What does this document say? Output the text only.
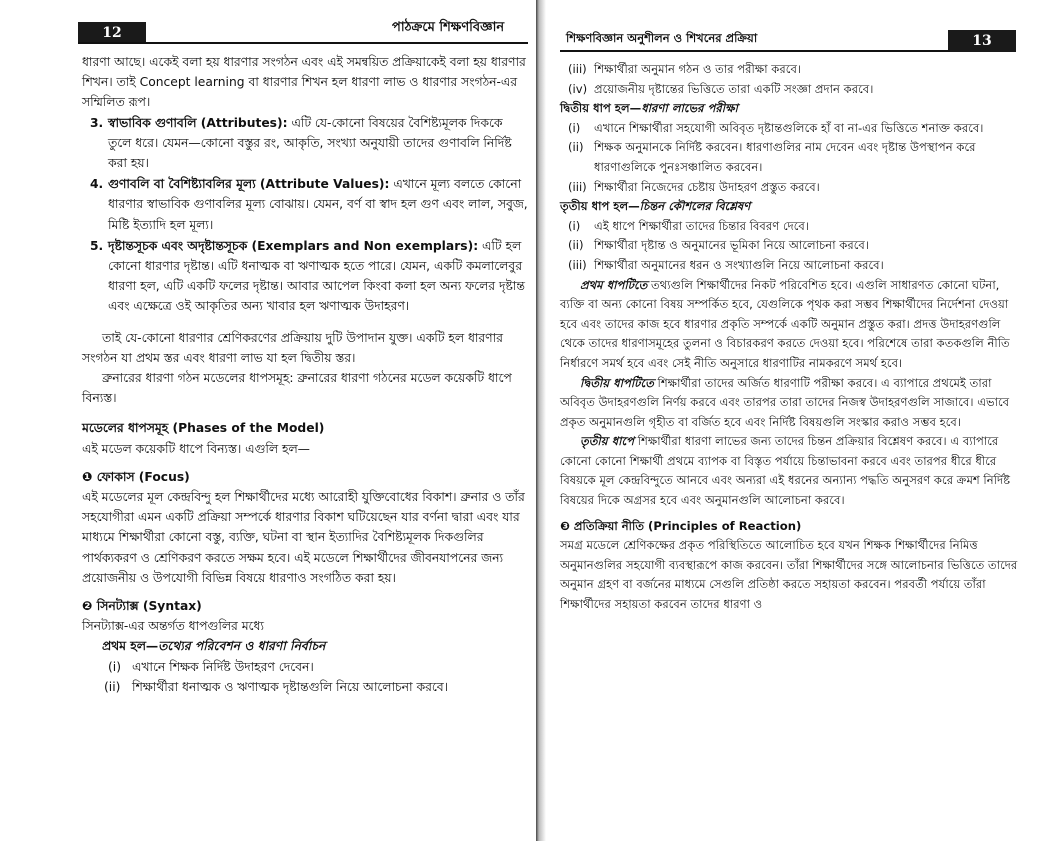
12	পাঠক্রমে শিক্ষণবিজ্ঞান

ধারণা আছে। একেই বলা হয় ধারণার সংগঠন এবং এই সমন্বয়িত প্রক্রিয়াকেই বলা হয় ধারণার শিখন। তাই Concept learning বা ধারণার শিখন হল ধারণা লাভ ও ধারণার সংগঠন-এর সম্মিলিত রূপ।

3. স্বাভাবিক গুণাবলি (Attributes): এটি যে-কোনো বিষয়ের বৈশিষ্ট্যমূলক দিককে তুলে ধরে। যেমন—কোনো বস্তুর রং, আকৃতি, সংখ্যা অনুযায়ী তাদের গুণাবলি নির্দিষ্ট করা হয়।
4. গুণাবলি বা বৈশিষ্ট্যাবলির মূল্য (Attribute Values): এখানে মূল্য বলতে কোনো ধারণার স্বাভাবিক গুণাবলির মূল্য বোঝায়। যেমন, বর্ণ বা স্বাদ হল গুণ এবং লাল, সবুজ, মিষ্টি ইত্যাদি হল মূল্য।
5. দৃষ্টান্তসূচক এবং অদৃষ্টান্তসূচক (Exemplars and Non exemplars): এটি হল কোনো ধারণার দৃষ্টান্ত। এটি ধনাত্মক বা ঋণাত্মক হতে পারে। যেমন, একটি কমলালেবুর ধারণা হল, এটি একটি ফলের দৃষ্টান্ত। আবার আপেল কিংবা কলা হল অন্য ফলের দৃষ্টান্ত এবং এক্ষেত্রে ওই আকৃতির অন্য খাবার হল ঋণাত্মক উদাহরণ।

তাই যে-কোনো ধারণার শ্রেণিকরণের প্রক্রিয়ায় দুটি উপাদান যুক্ত। একটি হল ধারণার সংগঠন যা প্রথম স্তর এবং ধারণা লাভ যা হল দ্বিতীয় স্তর।

ব্রুনারের ধারণা গঠন মডেলের ধাপসমূহ: ব্রুনারের ধারণা গঠনের মডেল কয়েকটি ধাপে বিন্যস্ত।

মডেলের ধাপসমূহ (Phases of the Model)

এই মডেল কয়েকটি ধাপে বিন্যস্ত। এগুলি হল—

❶ ফোকাস (Focus)

এই মডেলের মূল কেন্দ্রবিন্দু হল শিক্ষার্থীদের মধ্যে আরোহী যুক্তিবোধের বিকাশ। ব্রুনার ও তাঁর সহযোগীরা এমন একটি প্রক্রিয়া সম্পর্কে ধারণার বিকাশ ঘটিয়েছেন যার বর্ণনা দ্বারা এবং যার মাধ্যমে শিক্ষার্থীরা কোনো বস্তু, ব্যক্তি, ঘটনা বা স্থান ইত্যাদির বৈশিষ্ট্যমূলক দিকগুলির পার্থক্যকরণ ও শ্রেণিকরণ করতে সক্ষম হবে। এই মডেলে শিক্ষার্থীদের জীবনযাপনের জন্য প্রয়োজনীয় ও উপযোগী বিভিন্ন বিষয়ে ধারণাও সংগঠিত করা হয়।

❷ সিনট্যাক্স (Syntax)

সিনট্যাক্স-এর অন্তর্গত ধাপগুলির মধ্যে

প্রথম হল—তথ্যের পরিবেশন ও ধারণা নির্বাচন

(i) এখানে শিক্ষক নির্দিষ্ট উদাহরণ দেবেন।
(ii) শিক্ষার্থীরা ধনাত্মক ও ঋণাত্মক দৃষ্টান্তগুলি নিয়ে আলোচনা করবে।
শিক্ষণবিজ্ঞান অনুশীলন ও শিখনের প্রক্রিয়া	13
(iii) শিক্ষার্থীরা অনুমান গঠন ও তার পরীক্ষা করবে।
(iv) প্রয়োজনীয় দৃষ্টান্তের ভিত্তিতে তারা একটি সংজ্ঞা প্রদান করবে।

দ্বিতীয় ধাপ হল—ধারণা লাভের পরীক্ষা

(i) এখানে শিক্ষার্থীরা সহযোগী অবিবৃত দৃষ্টান্তগুলিকে হাঁ বা না-এর ভিত্তিতে শনাক্ত করবে।
(ii) শিক্ষক অনুমানকে নির্দিষ্ট করবেন। ধারণাগুলির নাম দেবেন এবং দৃষ্টান্ত উপস্থাপন করে ধারণাগুলিকে পুনঃসঞ্চালিত করবেন।
(iii) শিক্ষার্থীরা নিজেদের চেষ্টায় উদাহরণ প্রস্তুত করবে।

তৃতীয় ধাপ হল—চিন্তন কৌশলের বিশ্লেষণ

(i) এই ধাপে শিক্ষার্থীরা তাদের চিন্তার বিবরণ দেবে।
(ii) শিক্ষার্থীরা দৃষ্টান্ত ও অনুমানের ভূমিকা নিয়ে আলোচনা করবে।
(iii) শিক্ষার্থীরা অনুমানের ধরন ও সংখ্যাগুলি নিয়ে আলোচনা করবে।

প্রথম ধাপটিতে তথ্যগুলি শিক্ষার্থীদের নিকট পরিবেশিত হবে। এগুলি সাধারণত কোনো ঘটনা, ব্যক্তি বা অন্য কোনো বিষয় সম্পর্কিত হবে, যেগুলিকে পৃথক করা সম্ভব শিক্ষার্থীদের নির্দেশনা দেওয়া হবে এবং তাদের কাজ হবে ধারণার প্রকৃতি সম্পর্কে একটি অনুমান প্রস্তুত করা। প্রদত্ত উদাহরণগুলি থেকে তাদের ধারণাসমূহের তুলনা ও বিচারকরণ করতে দেওয়া হবে। পরিশেষে তারা কতকগুলি নীতি নির্ধারণে সমর্থ হবে এবং সেই নীতি অনুসারে ধারণাটির নামকরণে সমর্থ হবে।

দ্বিতীয় ধাপটিতে শিক্ষার্থীরা তাদের অর্জিত ধারণাটি পরীক্ষা করবে। এ ব্যাপারে প্রথমেই তারা অবিবৃত উদাহরণগুলি নির্ণয় করবে এবং তারপর তারা তাদের নিজস্ব উদাহরণগুলি সাজাবে। এভাবে প্রকৃত অনুমানগুলি গৃহীত বা বর্জিত হবে এবং নির্দিষ্ট বিষয়গুলি সংস্কার করাও সম্ভব হবে।

তৃতীয় ধাপে শিক্ষার্থীরা ধারণা লাভের জন্য তাদের চিন্তন প্রক্রিয়ার বিশ্লেষণ করবে। এ ব্যাপারে কোনো কোনো শিক্ষার্থী প্রথমে ব্যাপক বা বিস্তৃত পর্যায়ে চিন্তাভাবনা করবে এবং তারপর ধীরে ধীরে বিষয়কে মূল কেন্দ্রবিন্দুতে আনবে এবং অন্যরা এই ধরনের অন্যান্য পদ্ধতি অনুসরণ করে ক্রমশ নির্দিষ্ট বিষয়ের দিকে অগ্রসর হবে এবং অনুমানগুলি আলোচনা করবে।

❸ প্রতিক্রিয়া নীতি (Principles of Reaction)

সমগ্র মডেলে শ্রেণিকক্ষের প্রকৃত পরিস্থিতিতে আলোচিত হবে যখন শিক্ষক শিক্ষার্থীদের নিমিত্ত অনুমানগুলির সহযোগী ব্যবস্থারূপে কাজ করবেন। তাঁরা শিক্ষার্থীদের সঙ্গে আলোচনার ভিত্তিতে তাদের অনুমান গ্রহণ বা বর্জনের মাধ্যমে সেগুলি প্রতিষ্ঠা করতে সহায়তা করবেন। পরবর্তী পর্যায়ে তাঁরা শিক্ষার্থীদের সহায়তা করবেন তাদের ধারণা ও
